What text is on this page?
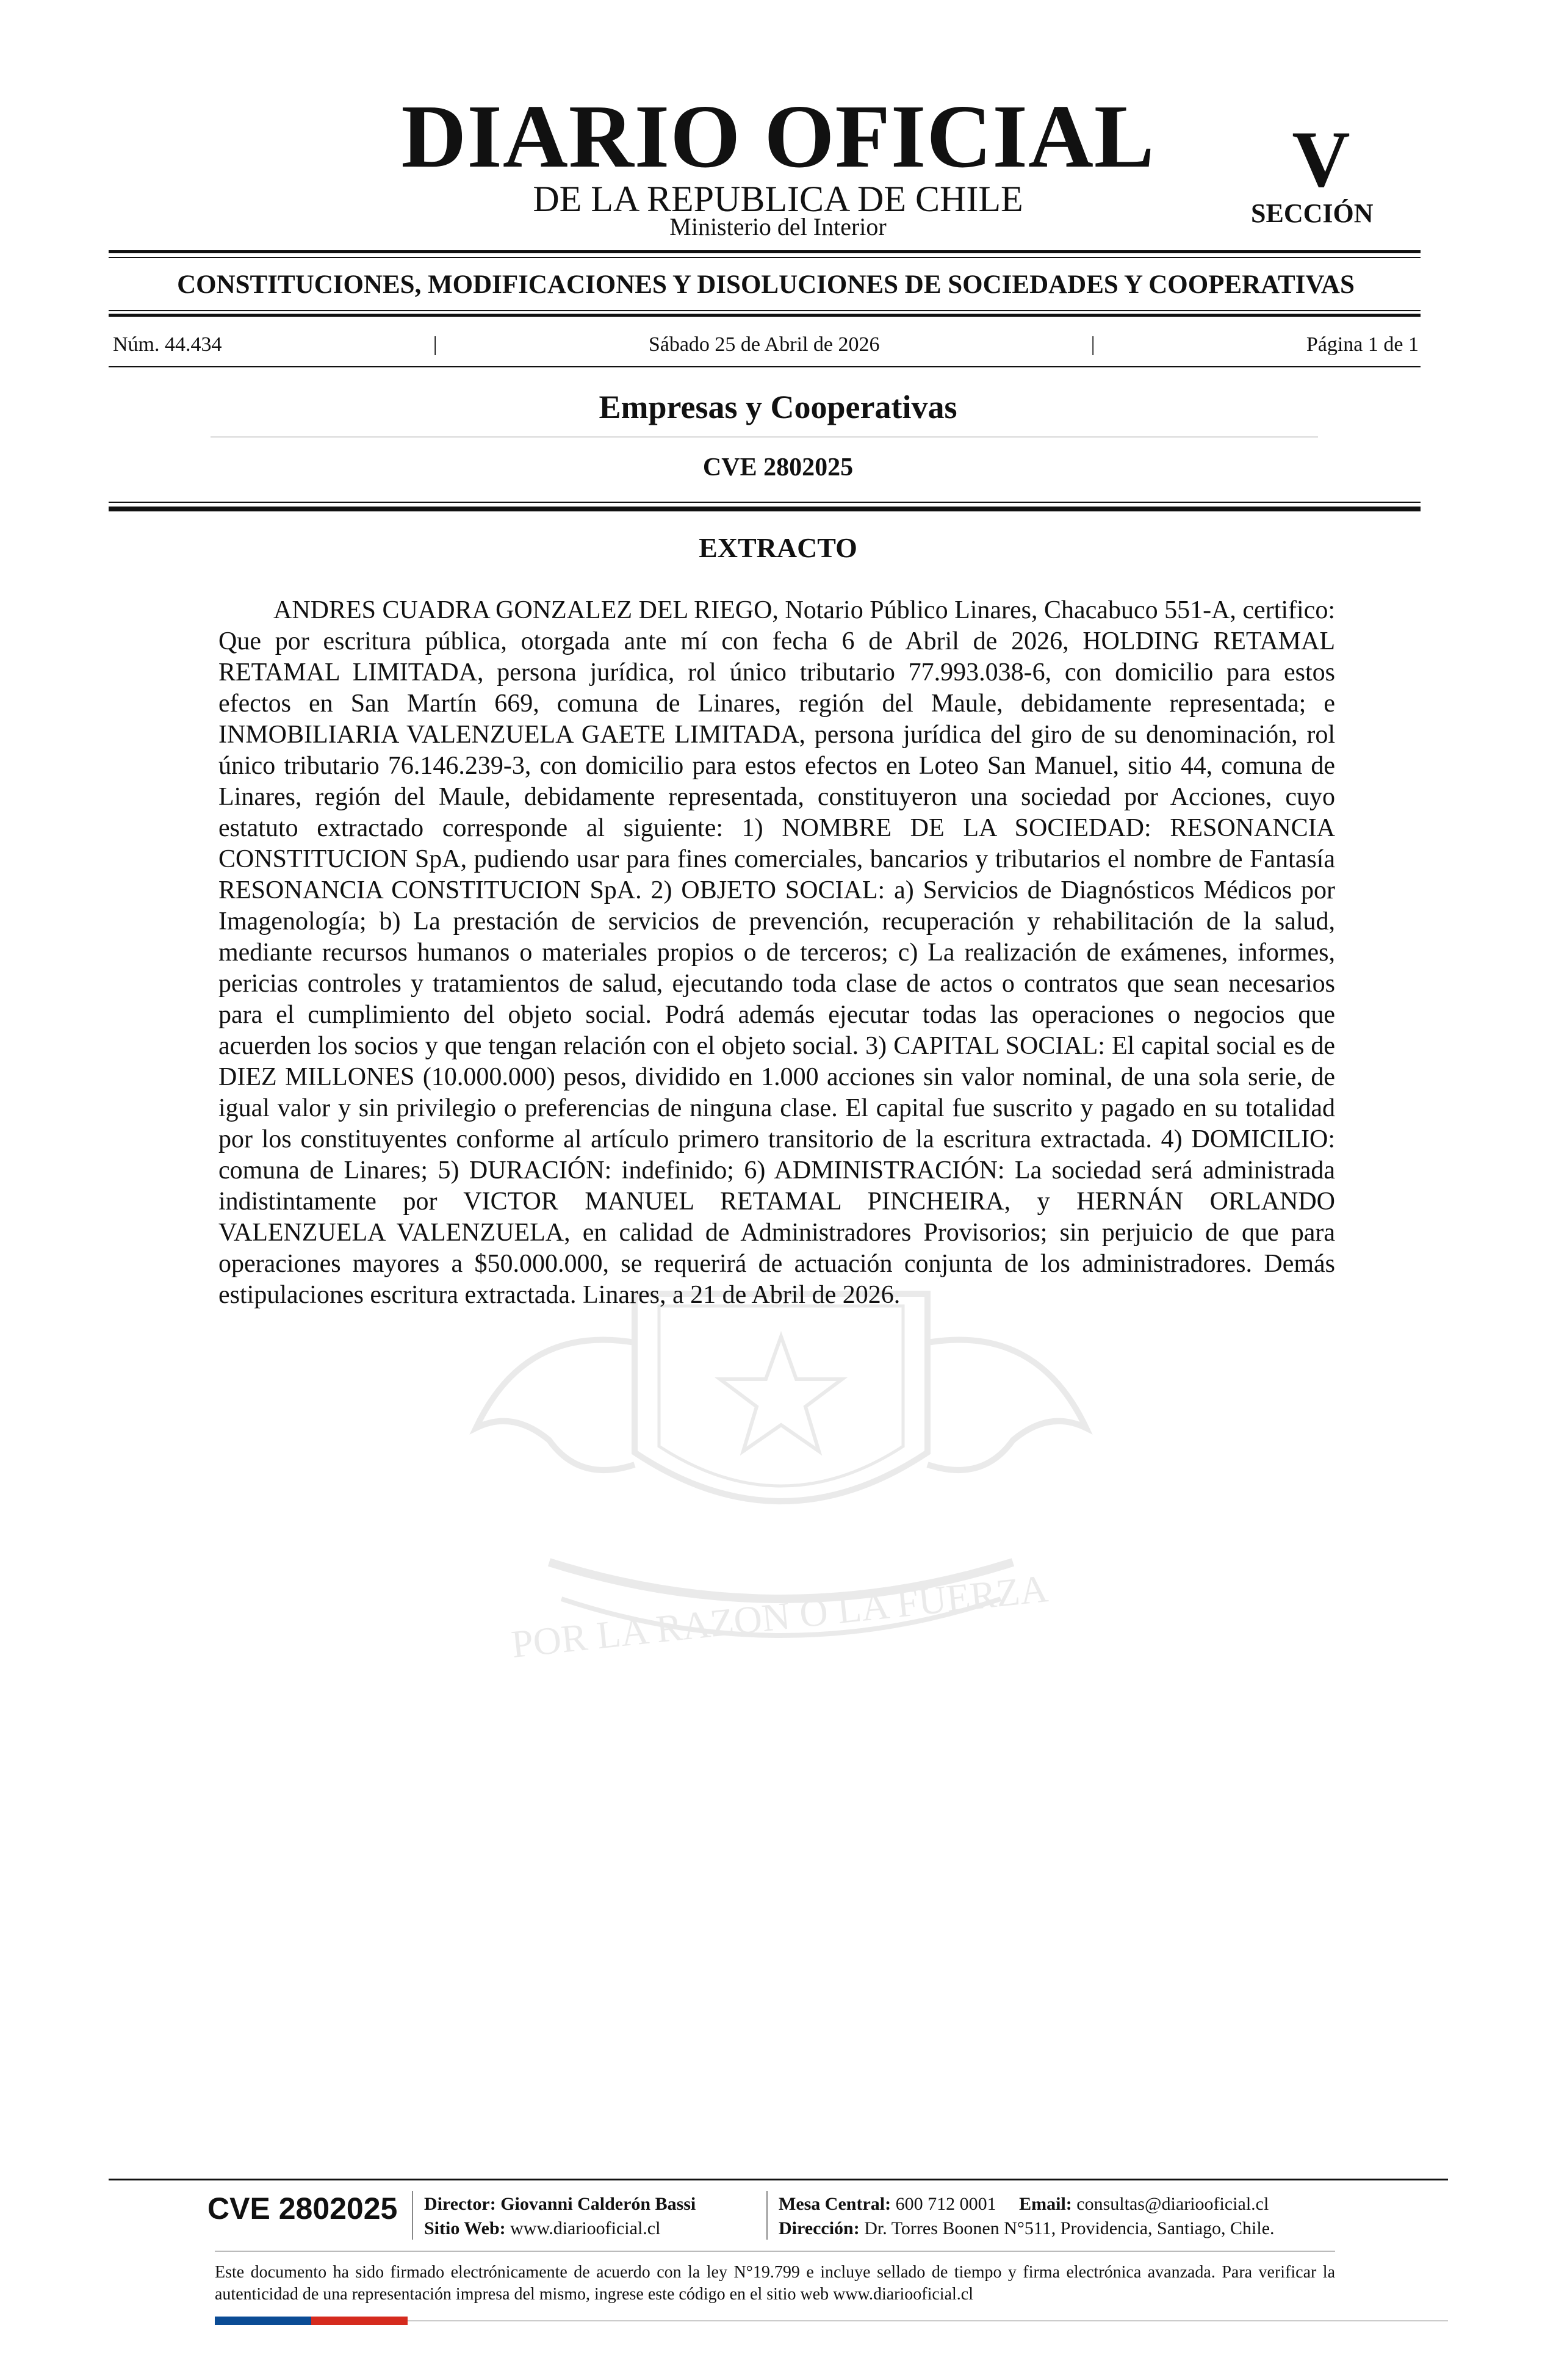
DIARIO OFICIAL
DE LA REPUBLICA DE CHILE
Ministerio del Interior
V
SECCIÓN
CONSTITUCIONES, MODIFICACIONES Y DISOLUCIONES DE SOCIEDADES Y COOPERATIVAS
Núm. 44.434	|	Sábado 25 de Abril de 2026	|	Página 1 de 1
Empresas y Cooperativas
CVE 2802025
POR LA RAZON O LA FUERZA
EXTRACTO
ANDRES CUADRA GONZALEZ DEL RIEGO, Notario Público Linares, Chacabuco 551-A, certifico: Que por escritura pública, otorgada ante mí con fecha 6 de Abril de 2026, HOLDING RETAMAL RETAMAL LIMITADA, persona jurídica, rol único tributario 77.993.038-6, con domicilio para estos efectos en San Martín 669, comuna de Linares, región del Maule, debidamente representada; e INMOBILIARIA VALENZUELA GAETE LIMITADA, persona jurídica del giro de su denominación, rol único tributario 76.146.239-3, con domicilio para estos efectos en Loteo San Manuel, sitio 44, comuna de Linares, región del Maule, debidamente representada, constituyeron una sociedad por Acciones, cuyo estatuto extractado corresponde al siguiente: 1) NOMBRE DE LA SOCIEDAD: RESONANCIA CONSTITUCION SpA, pudiendo usar para fines comerciales, bancarios y tributarios el nombre de Fantasía RESONANCIA CONSTITUCION SpA. 2) OBJETO SOCIAL: a) Servicios de Diagnósticos Médicos por Imagenología; b) La prestación de servicios de prevención, recuperación y rehabilitación de la salud, mediante recursos humanos o materiales propios o de terceros; c) La realización de exámenes, informes, pericias controles y tratamientos de salud, ejecutando toda clase de actos o contratos que sean necesarios para el cumplimiento del objeto social. Podrá además ejecutar todas las operaciones o negocios que acuerden los socios y que tengan relación con el objeto social. 3) CAPITAL SOCIAL: El capital social es de DIEZ MILLONES (10.000.000) pesos, dividido en 1.000 acciones sin valor nominal, de una sola serie, de igual valor y sin privilegio o preferencias de ninguna clase. El capital fue suscrito y pagado en su totalidad por los constituyentes conforme al artículo primero transitorio de la escritura extractada. 4) DOMICILIO: comuna de Linares; 5) DURACIÓN: indefinido; 6) ADMINISTRACIÓN: La sociedad será administrada indistintamente por VICTOR MANUEL RETAMAL PINCHEIRA, y HERNÁN ORLANDO VALENZUELA VALENZUELA, en calidad de Administradores Provisorios; sin perjuicio de que para operaciones mayores a $50.000.000, se requerirá de actuación conjunta de los administradores. Demás estipulaciones escritura extractada. Linares, a 21 de Abril de 2026.
CVE 2802025 Director: Giovanni Calderón Bassi
Sitio Web: www.diariooficial.cl
Mesa Central: 600 712 0001 Email: consultas@diariooficial.cl
Dirección: Dr. Torres Boonen N°511, Providencia, Santiago, Chile.
Este documento ha sido firmado electrónicamente de acuerdo con la ley N°19.799 e incluye sellado de tiempo y firma electrónica avanzada. Para verificar la autenticidad de una representación impresa del mismo, ingrese este código en el sitio web www.diariooficial.cl
